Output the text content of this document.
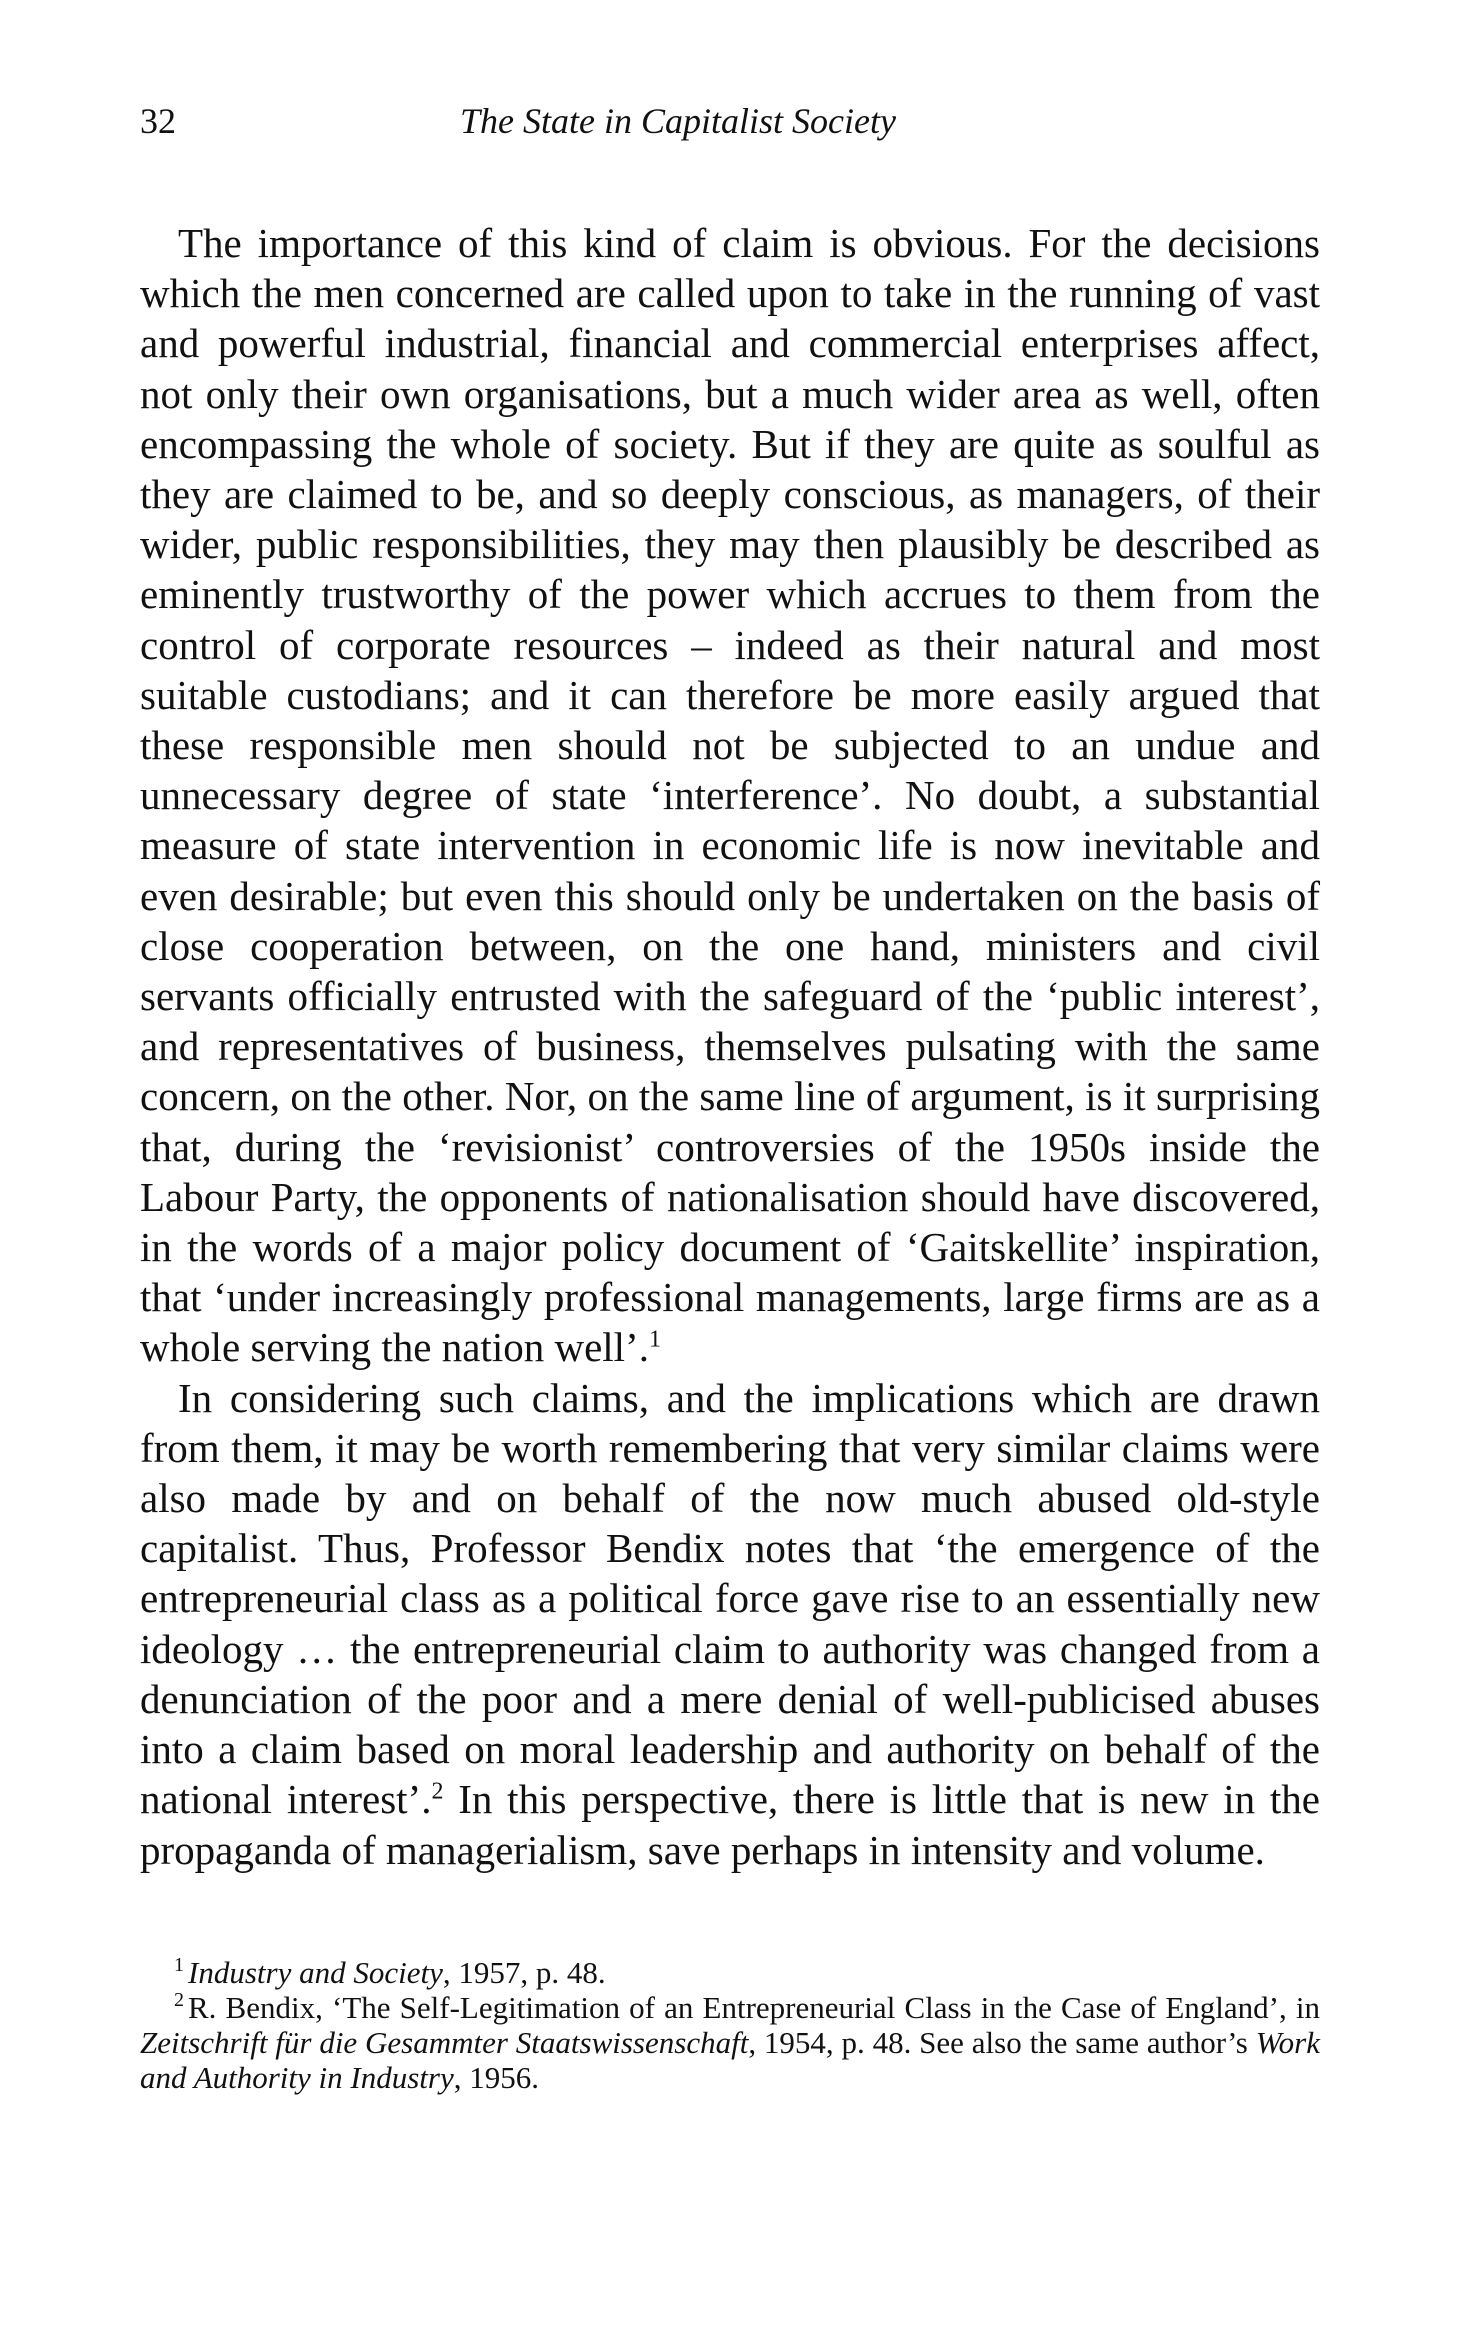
32	The State in Capitalist Society

The importance of this kind of claim is obvious. For the decisions which the men concerned are called upon to take in the running of vast and powerful industrial, financial and commercial enterprises affect, not only their own organisations, but a much wider area as well, often encompassing the whole of society. But if they are quite as soulful as they are claimed to be, and so deeply conscious, as managers, of their wider, public responsibilities, they may then plausibly be described as eminently trustworthy of the power which accrues to them from the control of corporate resources – indeed as their natural and most suitable custodians; and it can therefore be more easily argued that these responsible men should not be subjected to an undue and unnecessary degree of state ‘interference’. No doubt, a substantial measure of state intervention in economic life is now inevitable and even desirable; but even this should only be undertaken on the basis of close cooperation between, on the one hand, ministers and civil servants officially entrusted with the safeguard of the ‘public interest’, and representatives of business, themselves pulsating with the same concern, on the other. Nor, on the same line of argument, is it surprising that, during the ‘revisionist’ controversies of the 1950s inside the Labour Party, the opponents of nationalisation should have discovered, in the words of a major policy document of ‘Gaitskellite’ inspiration, that ‘under increasingly professional managements, large firms are as a whole serving the nation well’.$^1$

In considering such claims, and the implications which are drawn from them, it may be worth remembering that very similar claims were also made by and on behalf of the now much abused old-style capitalist. Thus, Professor Bendix notes that ‘the emergence of the entrepreneurial class as a political force gave rise to an essentially new ideology … the entrepreneurial claim to authority was changed from a denunciation of the poor and a mere denial of well-publicised abuses into a claim based on moral leadership and authority on behalf of the national interest’.$^2$ In this perspective, there is little that is new in the propaganda of managerialism, save perhaps in intensity and volume.

$^1$ Industry and Society, 1957, p. 48.

$^2$ R. Bendix, ‘The Self-Legitimation of an Entrepreneurial Class in the Case of England’, in Zeitschrift für die Gesammter Staatswissenschaft, 1954, p. 48. See also the same author’s Work and Authority in Industry, 1956.
